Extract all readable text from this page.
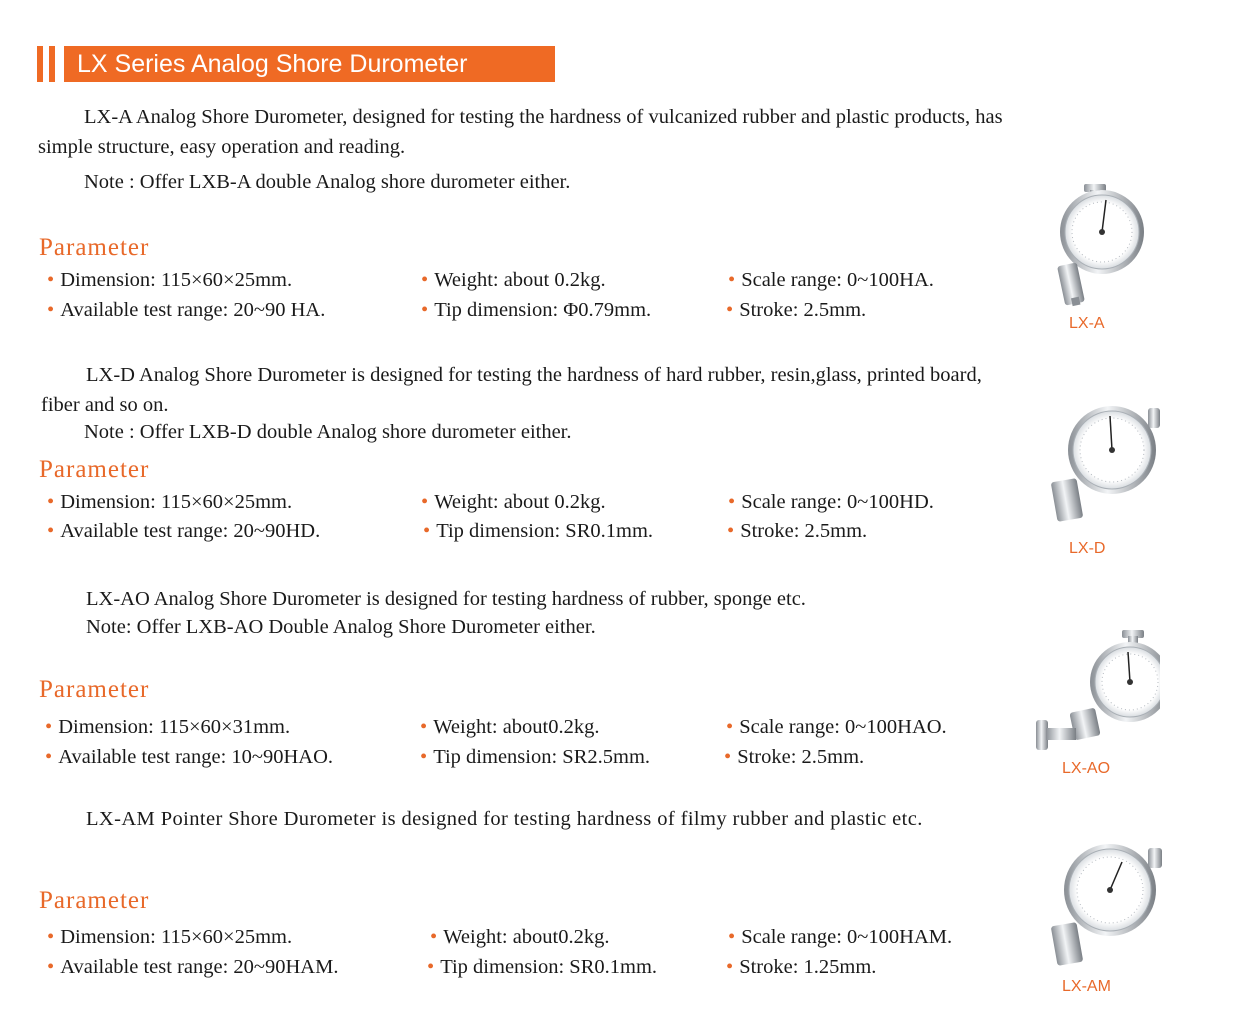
LX Series Analog Shore Durometer
LX-A Analog Shore Durometer, designed for testing the hardness of vulcanized rubber and plastic products, has
simple structure, easy operation and reading.
Note : Offer LXB-A double Analog shore durometer either.
Parameter
• Dimension: 115×60×25mm.	• Weight: about 0.2kg.	• Scale range: 0~100HA.
• Available test range: 20~90 HA.	• Tip dimension: Φ0.79mm.	• Stroke: 2.5mm.
LX-A
LX-D Analog Shore Durometer is designed for testing the hardness of hard rubber, resin,glass, printed board,
fiber and so on.
Note : Offer LXB-D double Analog shore durometer either.
Parameter
• Dimension: 115×60×25mm.	• Weight: about 0.2kg.	• Scale range: 0~100HD.
• Available test range: 20~90HD.	• Tip dimension: SR0.1mm.	• Stroke: 2.5mm.
LX-D
LX-AO Analog Shore Durometer is designed for testing hardness of rubber, sponge etc.
Note: Offer LXB-AO Double Analog Shore Durometer either.
Parameter
• Dimension: 115×60×31mm.	• Weight: about0.2kg.	• Scale range: 0~100HAO.
• Available test range: 10~90HAO.	• Tip dimension: SR2.5mm.	• Stroke: 2.5mm.
LX-AO
LX-AM Pointer Shore Durometer is designed for testing hardness of filmy rubber and plastic etc.
Parameter
• Dimension: 115×60×25mm.	• Weight: about0.2kg.	• Scale range: 0~100HAM.
• Available test range: 20~90HAM.	• Tip dimension: SR0.1mm.	• Stroke: 1.25mm.
LX-AM
